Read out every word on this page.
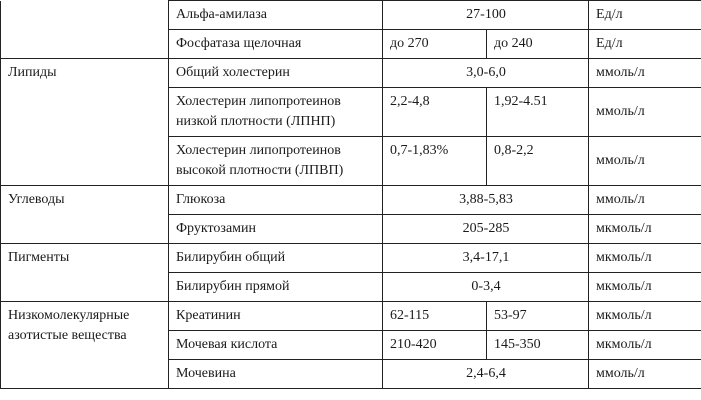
	Альфа-амилаза	27-100		Ед/л
	Фосфатаза щелочная	до 270	до 240	Ед/л
Липиды	Общий холестерин	3,0-6,0		ммоль/л
	Холестерин липопротеинов низкой плотности (ЛПНП)	2,2-4,8	1,92-4.51	ммоль/л
	Холестерин липопротеинов высокой плотности (ЛПВП)	0,7-1,83%	0,8-2,2	ммоль/л
Углеводы	Глюкоза	3,88-5,83		ммоль/л
	Фруктозамин	205-285		мкмоль/л
Пигменты	Билирубин общий	3,4-17,1		мкмоль/л
	Билирубин прямой	0-3,4		мкмоль/л
Низкомолекулярные азотистые вещества	Креатинин	62-115	53-97	мкмоль/л
	Мочевая кислота	210-420	145-350	мкмоль/л
	Мочевина	2,4-6,4		ммоль/л
